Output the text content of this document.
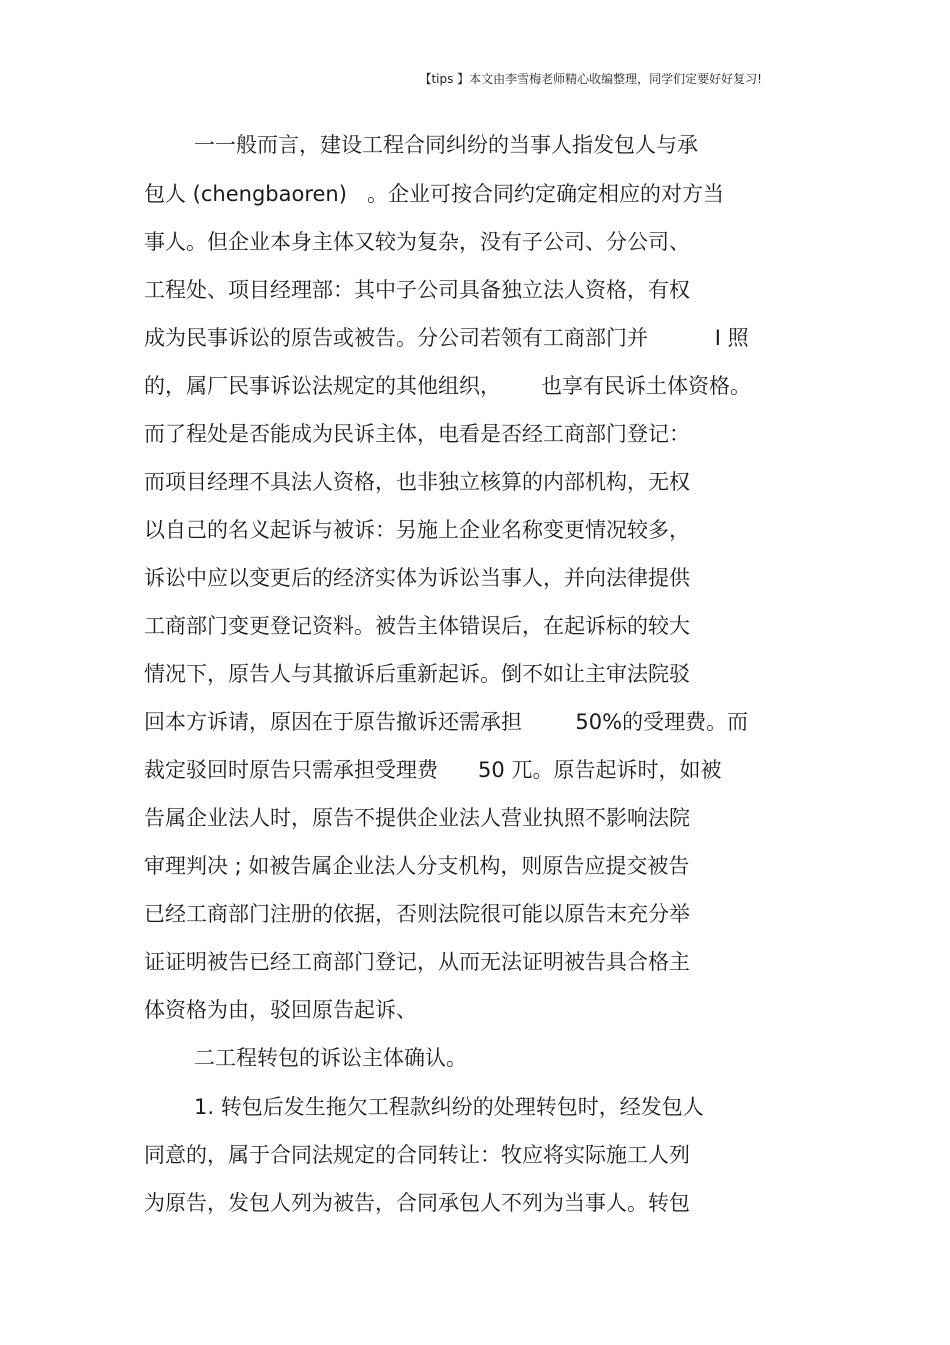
【tips 】本文由李雪梅老师精心收编整理，同学们定要好好复习!
一一般而言，建设工程合同纠纷的当事人指发包人与承
包人 (chengbaoren)   。企业可按合同约定确定相应的对方当
事人。但企业本身主体又较为复杂，没有子公司、分公司、
工程处、项目经理部：其中子公司具备独立法人资格，有权
成为民事诉讼的原告或被告。分公司若领有工商部门并          I 照
的，属厂民事诉讼法规定的其他组织，      也享有民诉土体资格。
而了程处是否能成为民诉主体，电看是否经工商部门登记：
而项目经理不具法人资格，也非独立核算的内部机构，无权
以自己的名义起诉与被诉：另施上企业名称变更情况较多，
诉讼中应以变更后的经济实体为诉讼当事人，并向法律提供
工商部门变更登记资料。被告主体错误后，在起诉标的较大
情况下，原告人与其撤诉后重新起诉。倒不如让主审法院驳
回本方诉请，原因在于原告撤诉还需承担        50%的受理费。而
裁定驳回时原告只需承担受理费      50 兀。原告起诉时，如被
告属企业法人时，原告不提供企业法人营业执照不影响法院
审理判决 ; 如被告属企业法人分支机构，则原告应提交被告
已经工商部门注册的依据，否则法院很可能以原告末充分举
证证明被告已经工商部门登记，从而无法证明被告具合格主
体资格为由，驳回原告起诉、
二工程转包的诉讼主体确认。
1. 转包后发生拖欠工程款纠纷的处理转包时，经发包人
同意的，属于合同法规定的合同转让：牧应将实际施工人列
为原告，发包人列为被告，合同承包人不列为当事人。转包
